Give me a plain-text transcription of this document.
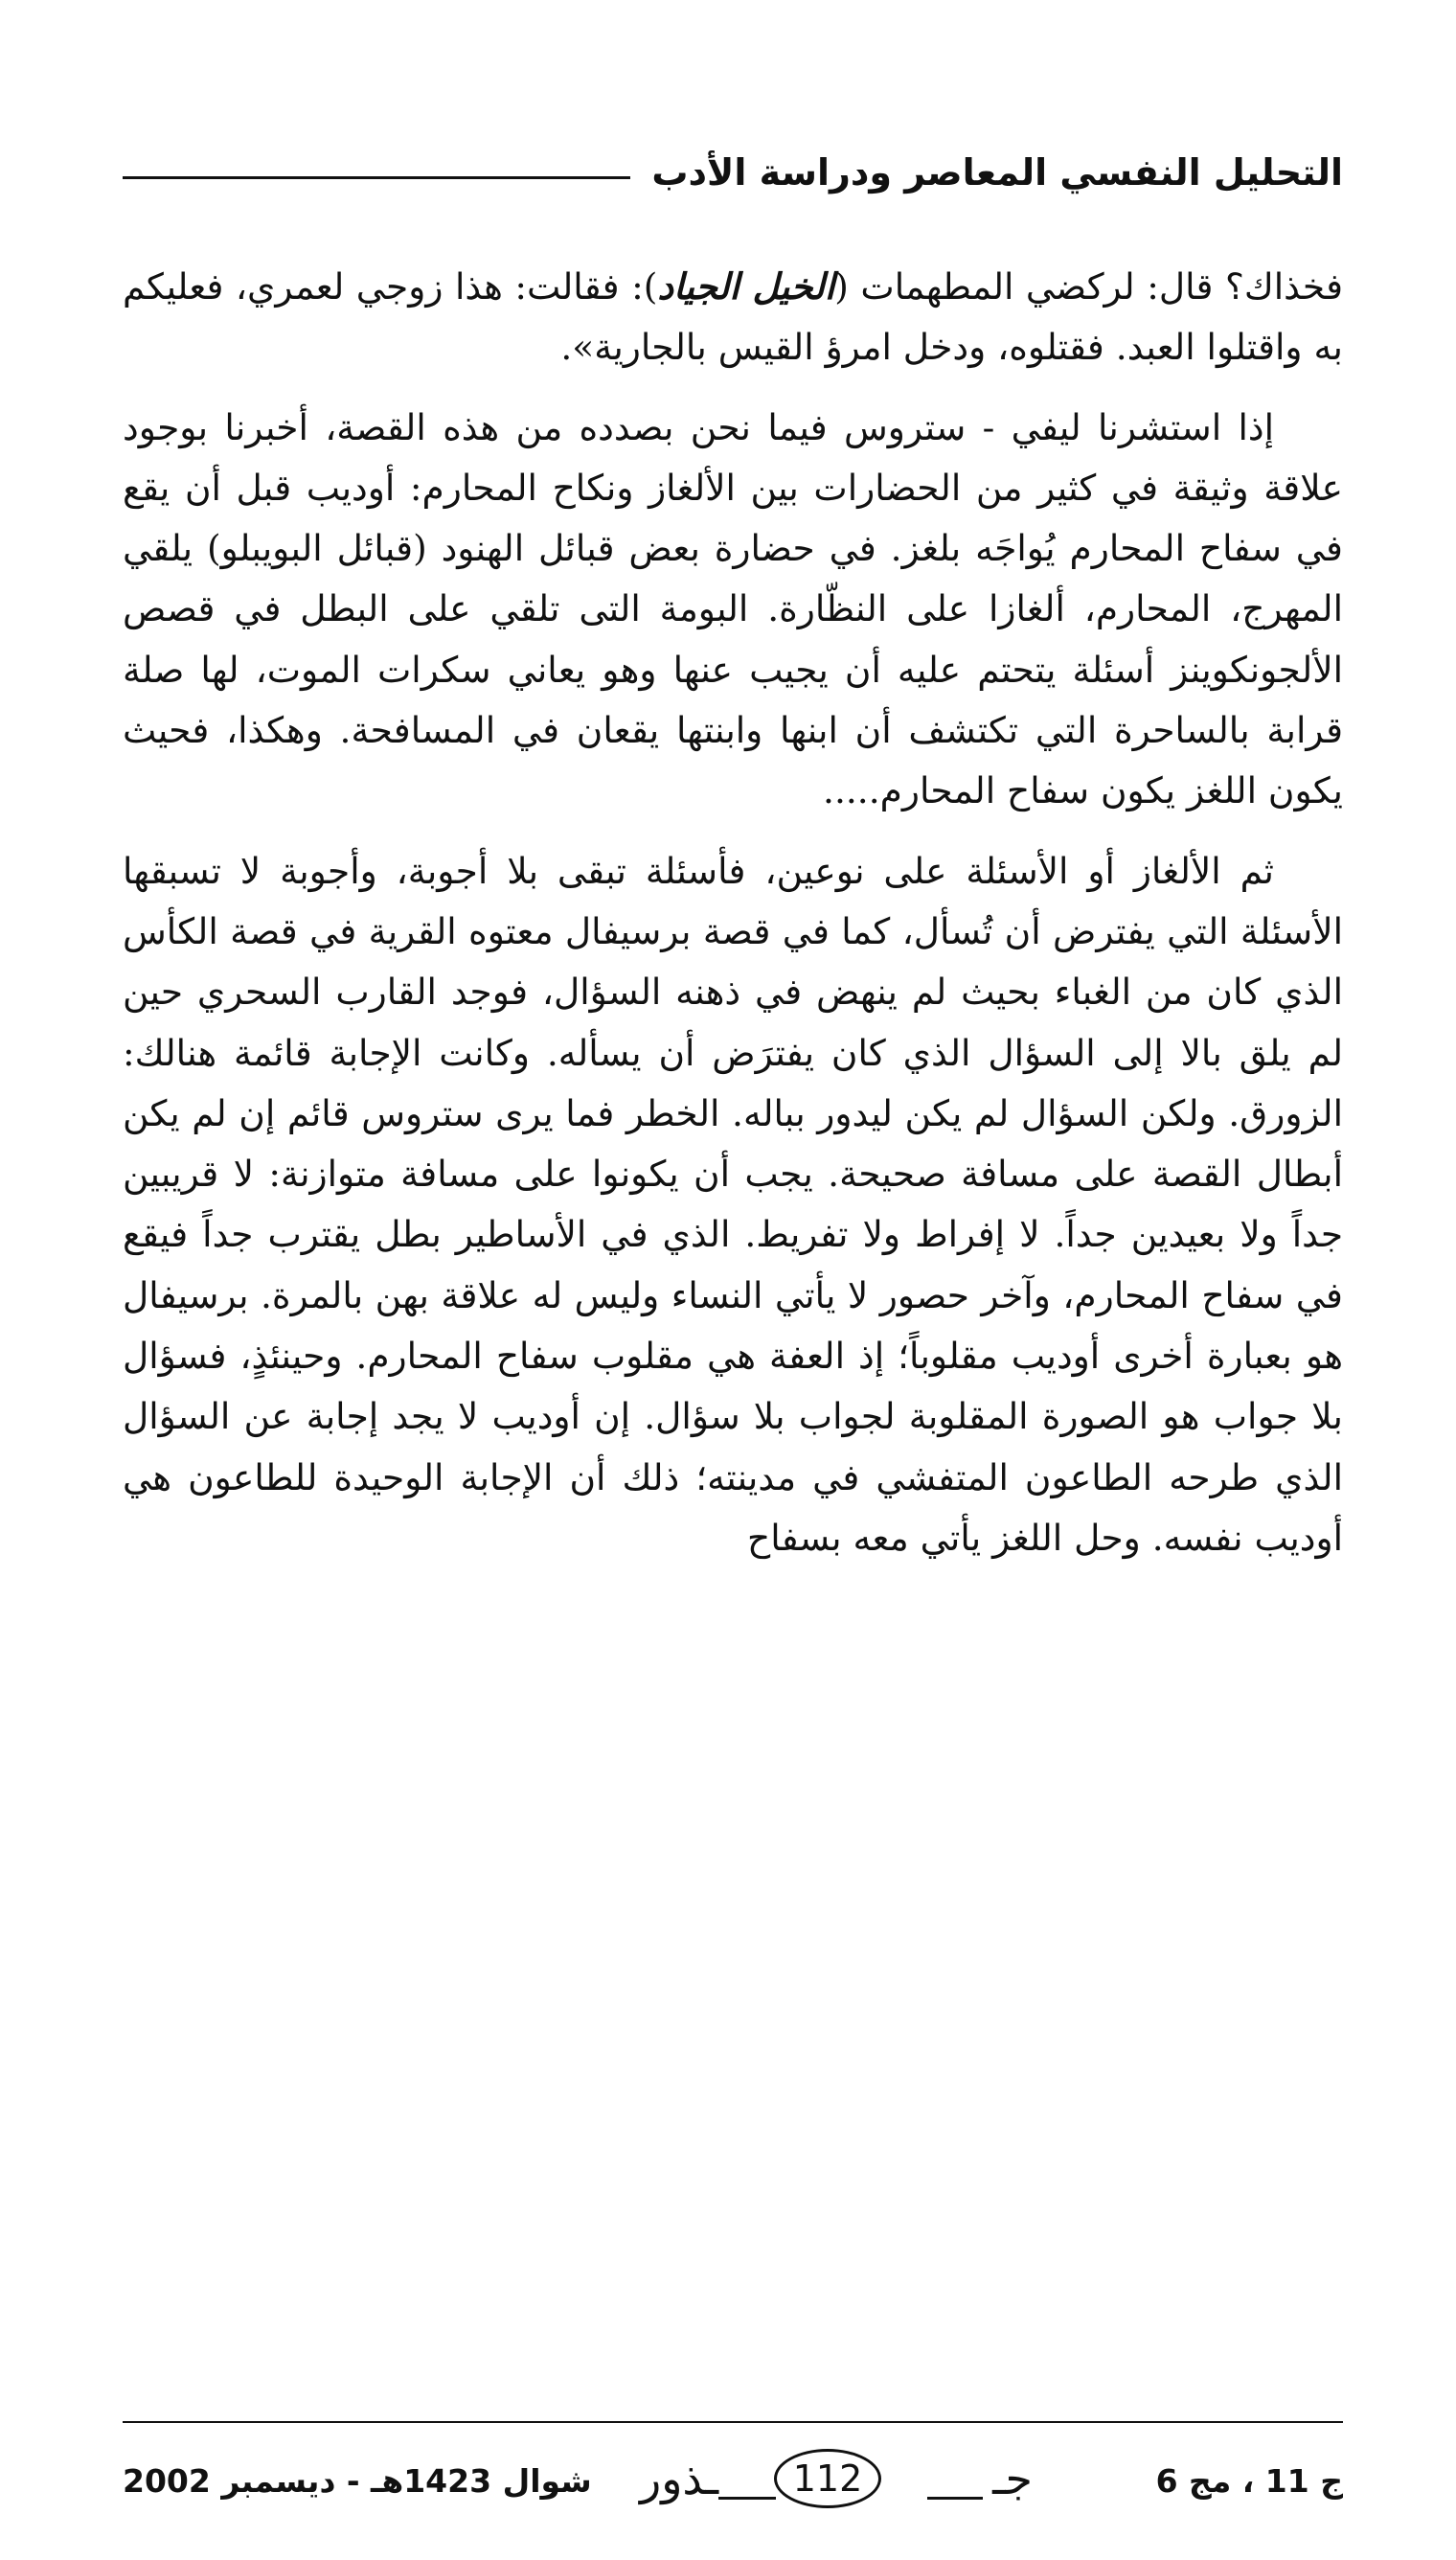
التحليل النفسي المعاصر ودراسة الأدب

فخذاك؟ قال: لركضي المطهمات (الخيل الجياد): فقالت: هذا زوجي لعمري، فعليكم به واقتلوا العبد. فقتلوه، ودخل امرؤ القيس بالجارية».

إذا استشرنا ليفي - ستروس فيما نحن بصدده من هذه القصة، أخبرنا بوجود علاقة وثيقة في كثير من الحضارات بين الألغاز ونكاح المحارم: أوديب قبل أن يقع في سفاح المحارم يُواجَه بلغز. في حضارة بعض قبائل الهنود (قبائل البويبلو) يلقي المهرج، المحارم، ألغازا على النظّارة. البومة التى تلقي على البطل في قصص الألجونكوينز أسئلة يتحتم عليه أن يجيب عنها وهو يعاني سكرات الموت، لها صلة قرابة بالساحرة التي تكتشف أن ابنها وابنتها يقعان في المسافحة. وهكذا، فحيث يكون اللغز يكون سفاح المحارم.....

ثم الألغاز أو الأسئلة على نوعين، فأسئلة تبقى بلا أجوبة، وأجوبة لا تسبقها الأسئلة التي يفترض أن تُسأل، كما في قصة برسيفال معتوه القرية في قصة الكأس الذي كان من الغباء بحيث لم ينهض في ذهنه السؤال، فوجد القارب السحري حين لم يلق بالا إلى السؤال الذي كان يفترَض أن يسأله. وكانت الإجابة قائمة هنالك: الزورق. ولكن السؤال لم يكن ليدور بباله. الخطر فما يرى ستروس قائم إن لم يكن أبطال القصة على مسافة صحيحة. يجب أن يكونوا على مسافة متوازنة: لا قريبين جداً ولا بعيدين جداً. لا إفراط ولا تفريط. الذي في الأساطير بطل يقترب جداً فيقع في سفاح المحارم، وآخر حصور لا يأتي النساء وليس له علاقة بهن بالمرة. برسيفال هو بعبارة أخرى أوديب مقلوباً؛ إذ العفة هي مقلوب سفاح المحارم. وحينئذٍ، فسؤال بلا جواب هو الصورة المقلوبة لجواب بلا سؤال. إن أوديب لا يجد إجابة عن السؤال الذي طرحه الطاعون المتفشي في مدينته؛ ذلك أن الإجابة الوحيدة للطاعون هي أوديب نفسه. وحل اللغز يأتي معه بسفاح

ج 11 ، مج 6
ـذور	112	جـ
شوال 1423هـ - ديسمبر 2002
